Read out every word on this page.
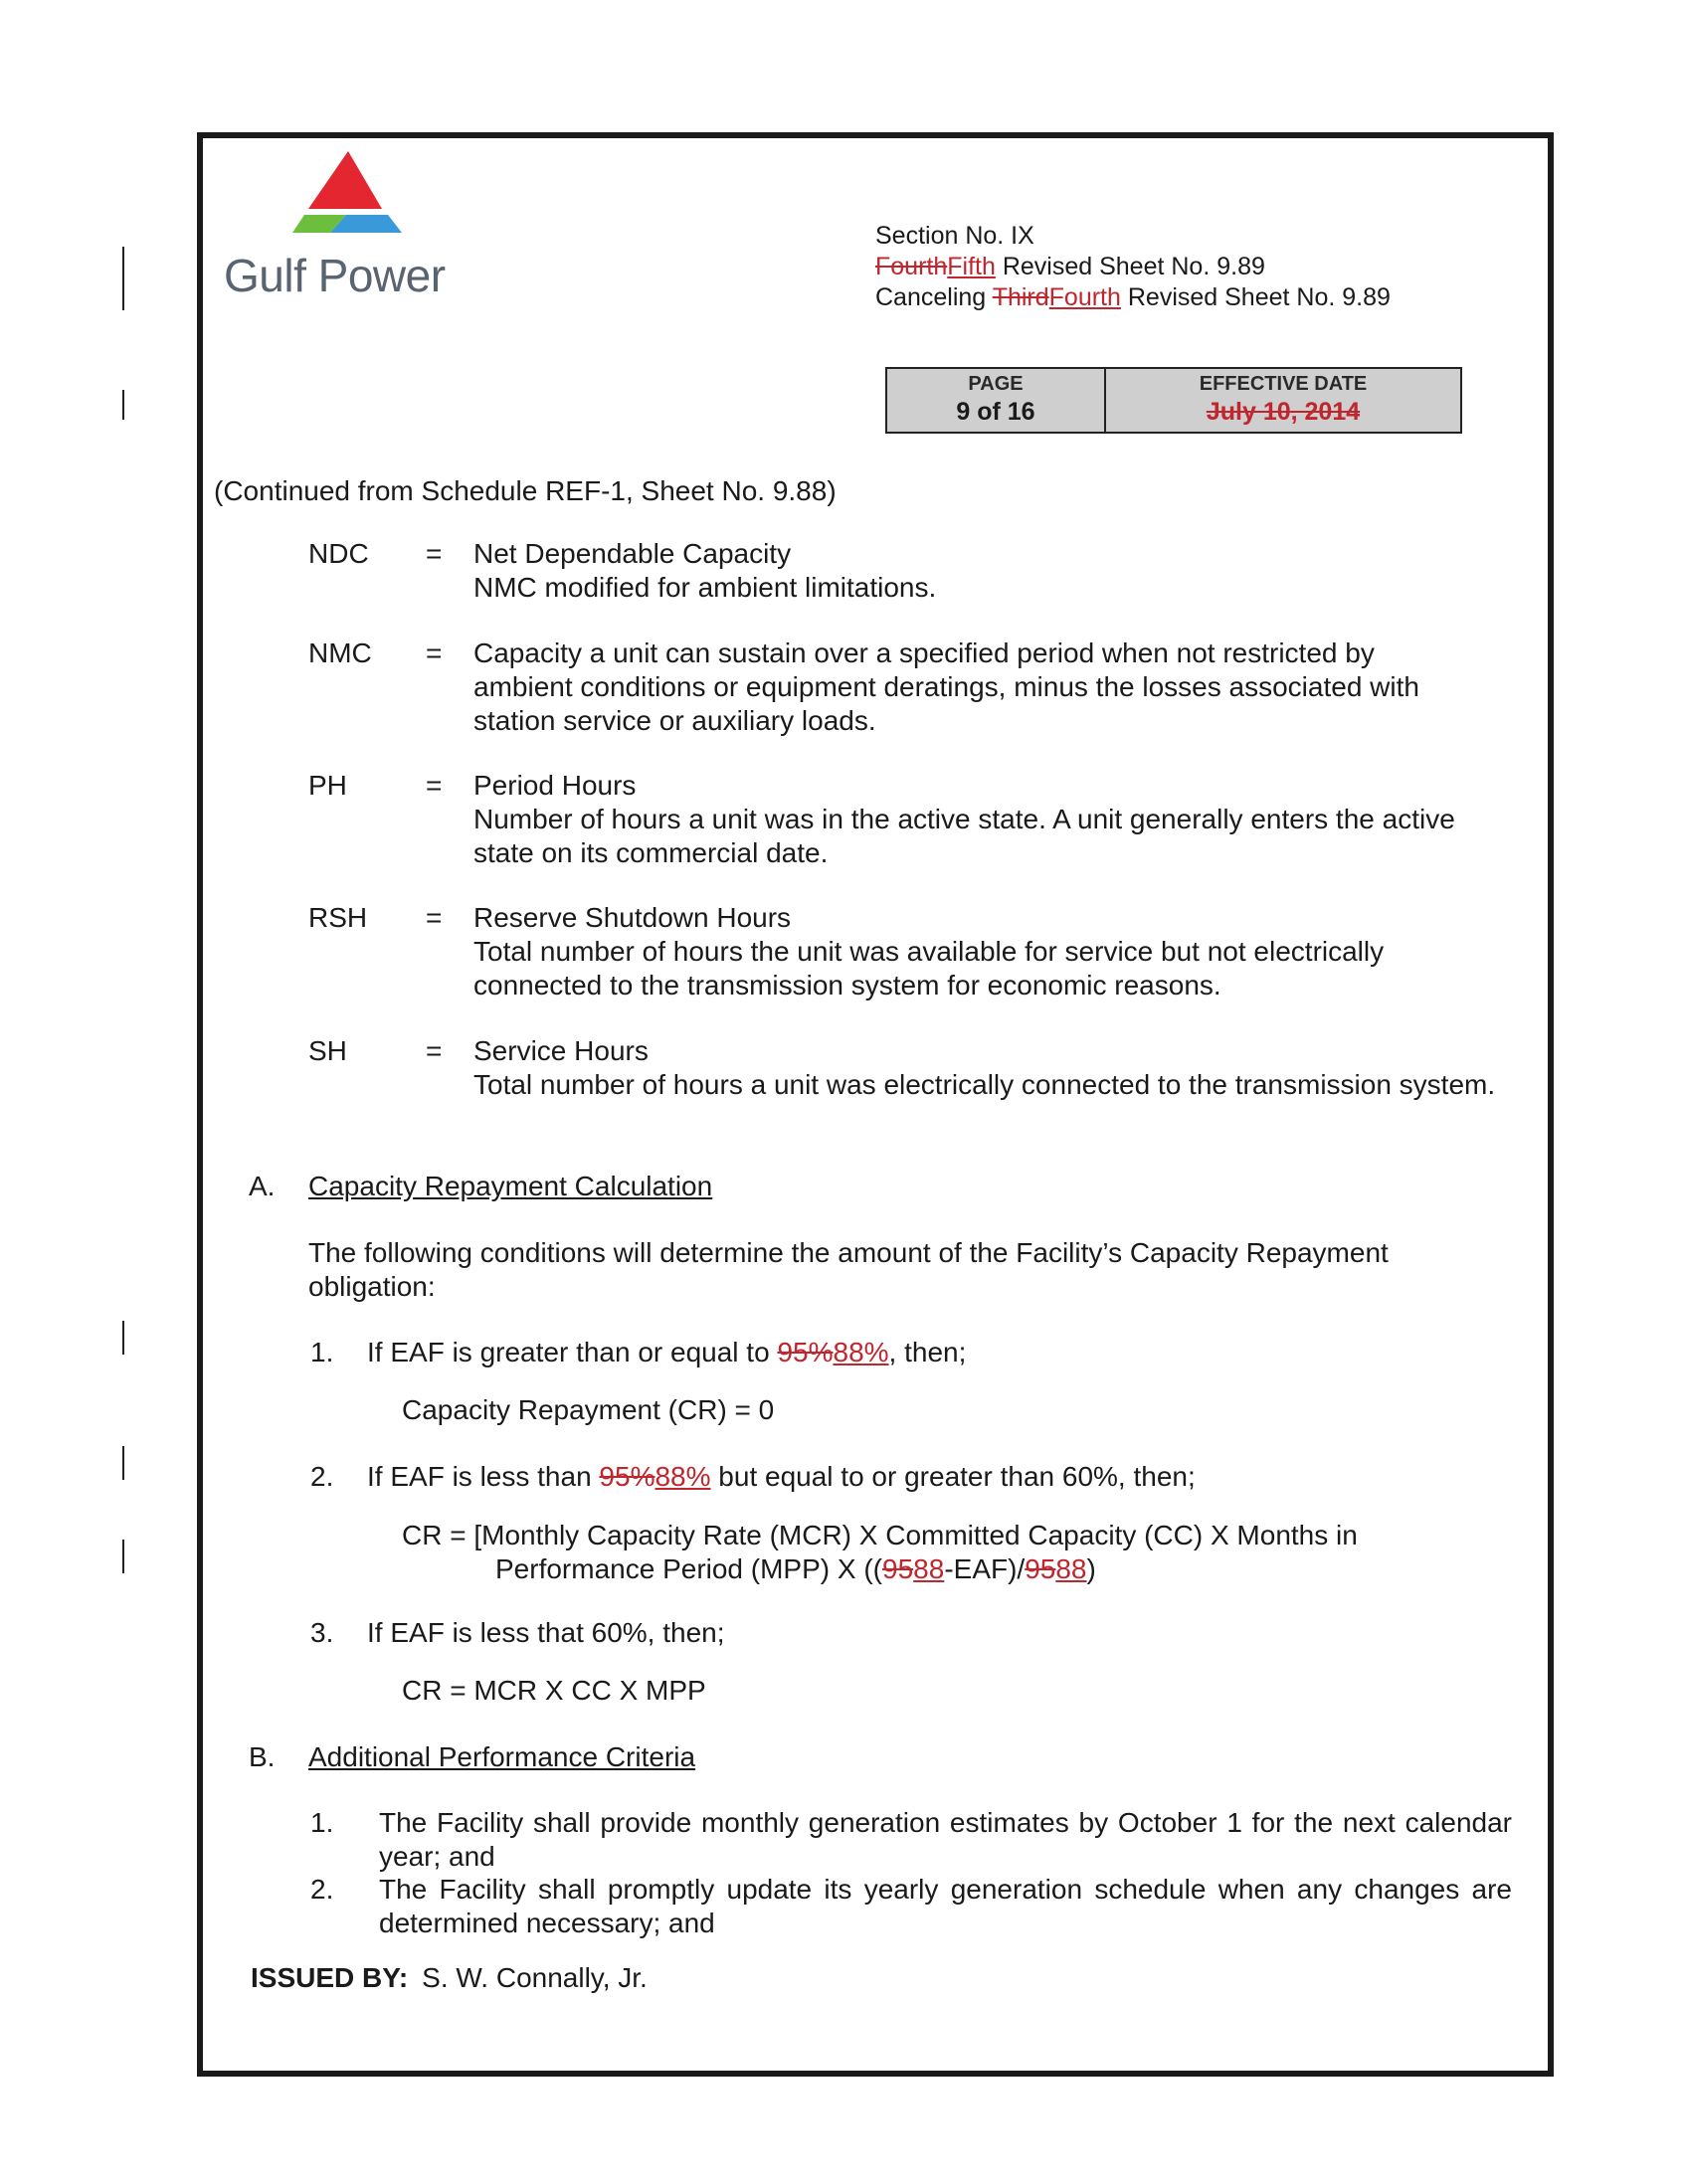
Gulf Power
Section No. IX
FourthFifth Revised Sheet No. 9.89
Canceling ThirdFourth Revised Sheet No. 9.89
PAGE
9 of 16
EFFECTIVE DATE
July 10, 2014
(Continued from Schedule REF-1, Sheet No. 9.88)
NDC = Net Dependable Capacity
NMC modified for ambient limitations.
NMC = Capacity a unit can sustain over a specified period when not restricted by ambient conditions or equipment deratings, minus the losses associated with station service or auxiliary loads.
PH	= Period Hours
Number of hours a unit was in the active state. A unit generally enters the active state on its commercial date.
RSH = Reserve Shutdown Hours
Total number of hours the unit was available for service but not electrically connected to the transmission system for economic reasons.
SH	= Service Hours
Total number of hours a unit was electrically connected to the transmission system.
A. Capacity Repayment Calculation
The following conditions will determine the amount of the Facility’s Capacity Repayment obligation:
1. If EAF is greater than or equal to 95%88%, then;
Capacity Repayment (CR) = 0
2. If EAF is less than 95%88% but equal to or greater than 60%, then;
CR = [Monthly Capacity Rate (MCR) X Committed Capacity (CC) X Months in
Performance Period (MPP) X ((9588-EAF)/9588)
3. If EAF is less that 60%, then;
CR = MCR X CC X MPP
B. Additional Performance Criteria
1. The Facility shall provide monthly generation estimates by October 1 for the next calendar year; and
2. The Facility shall promptly update its yearly generation schedule when any changes are determined necessary; and
ISSUED BY: S. W. Connally, Jr.
